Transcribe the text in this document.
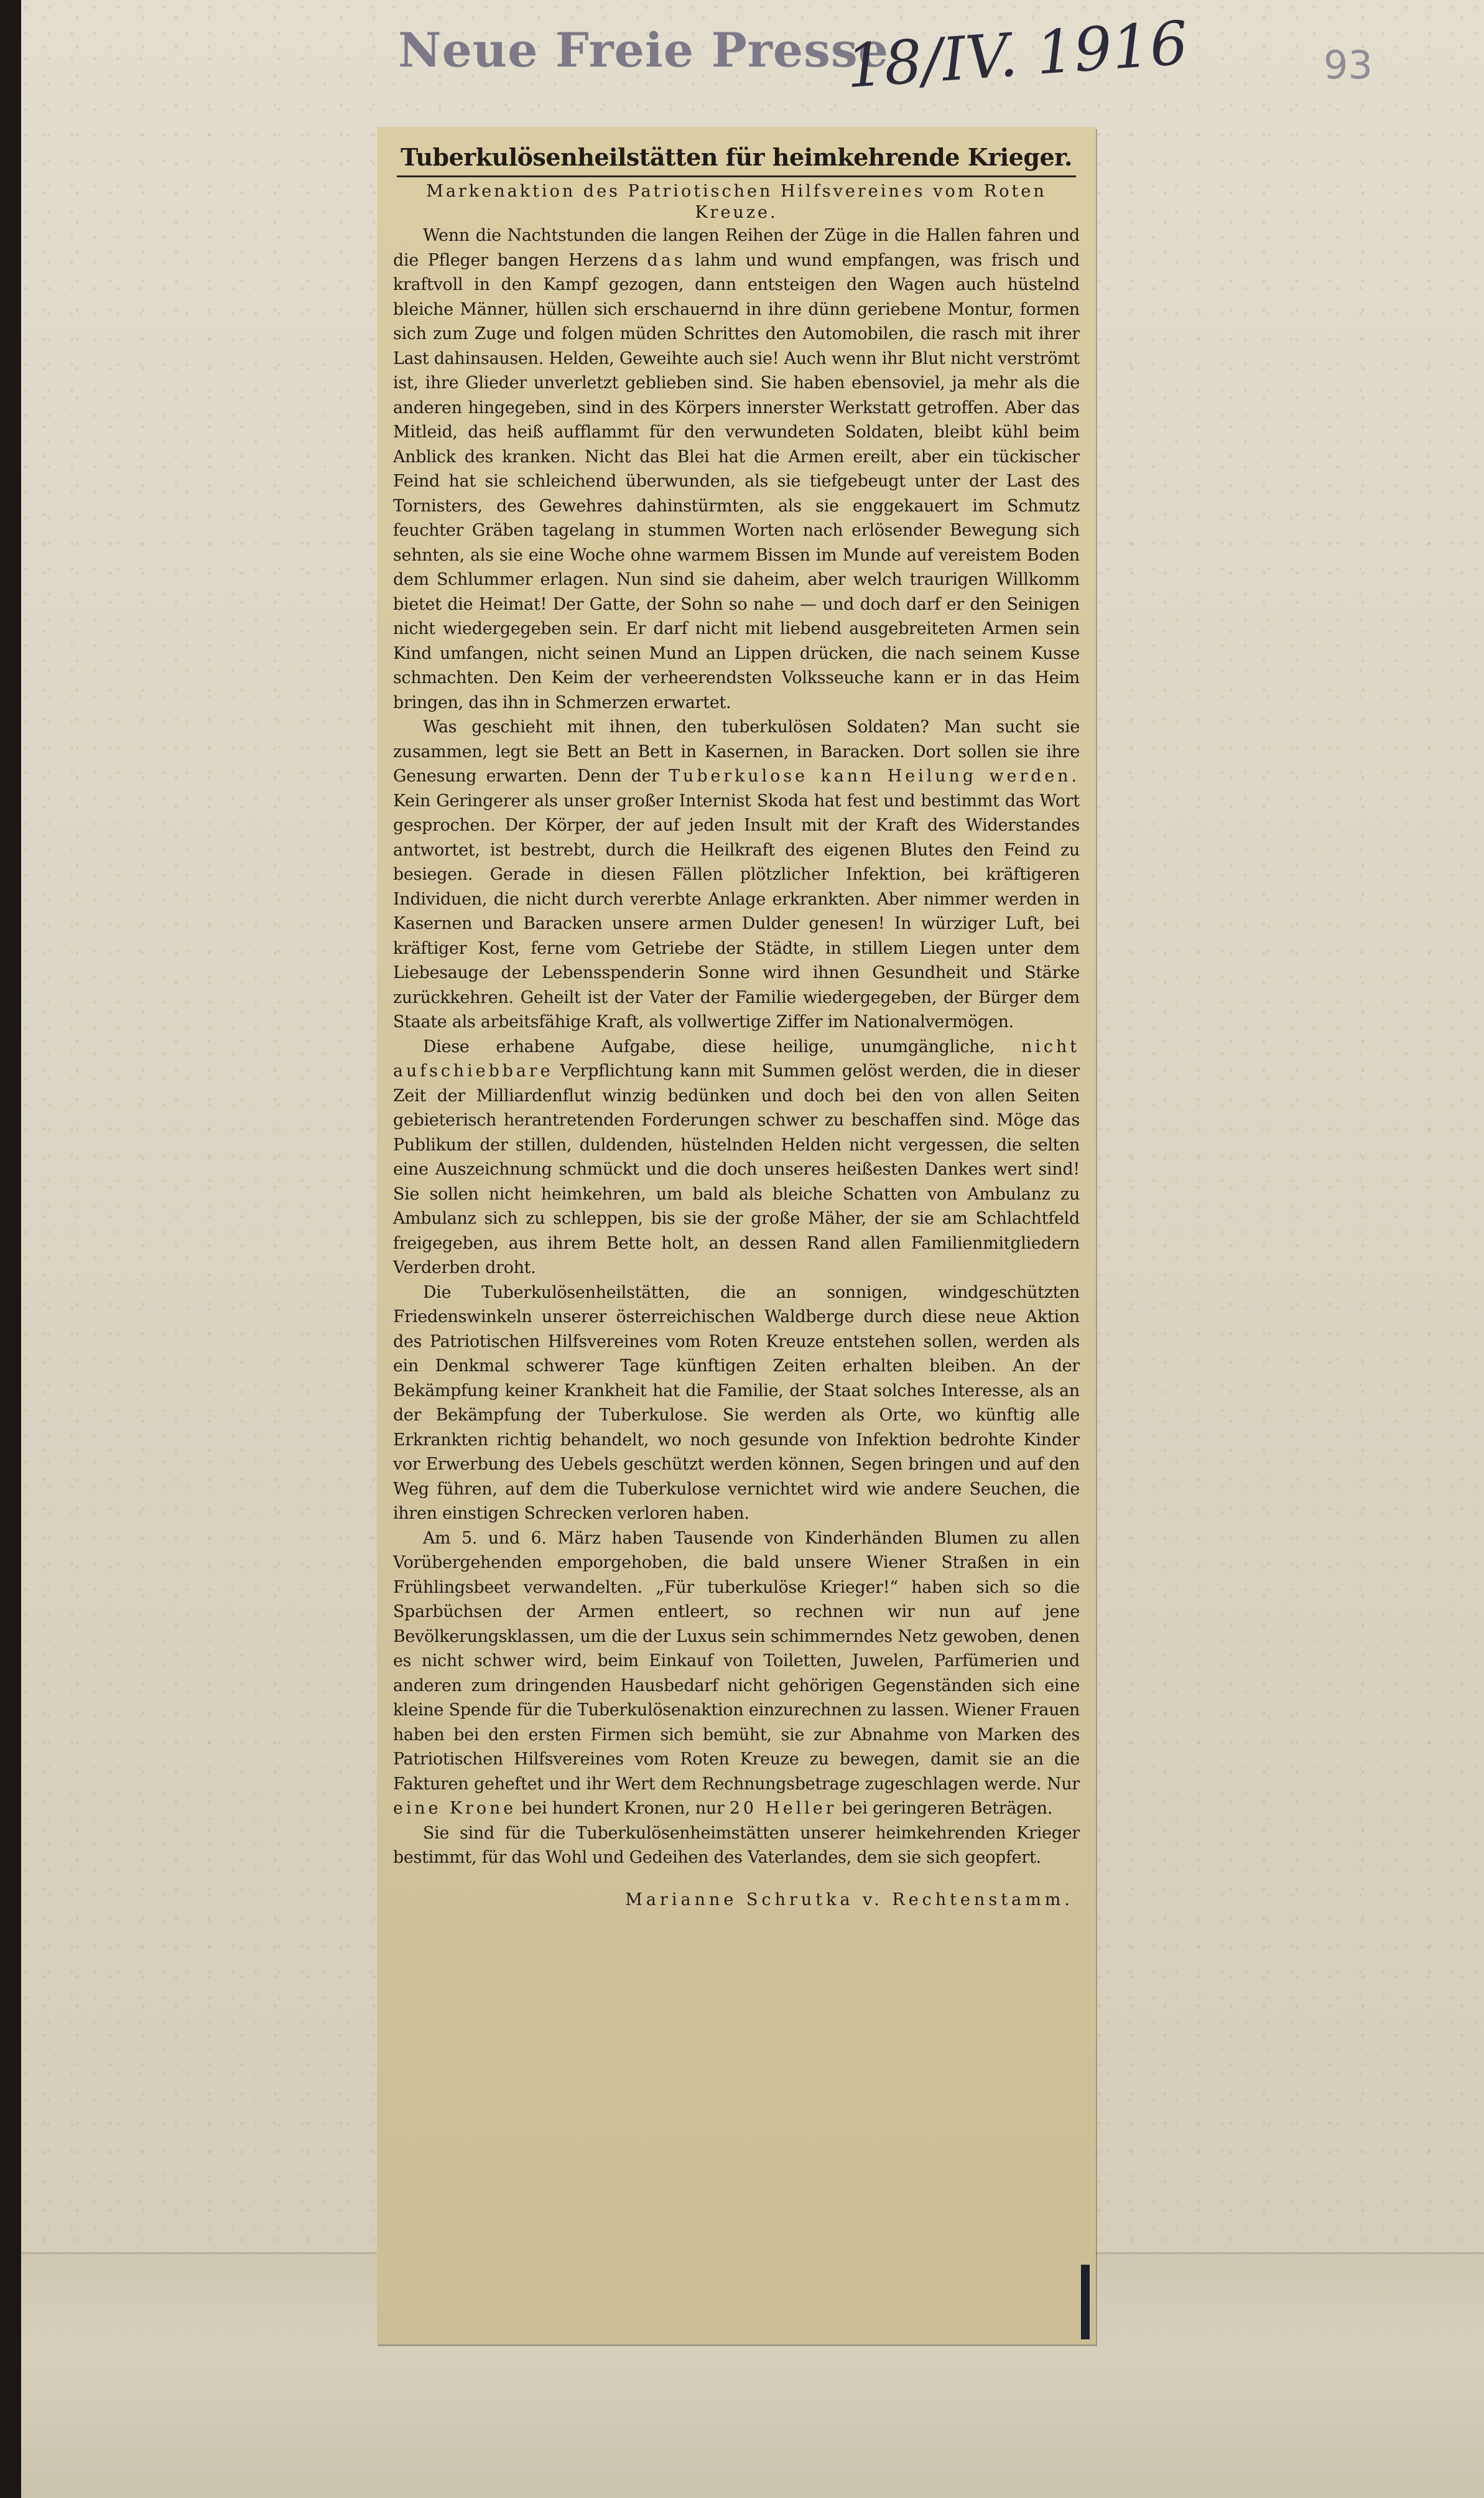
Neue Freie Presse
18/IV. 1916	93
Tuberkulösenheilstätten für heimkehrende Krieger.

Markenaktion des Patriotischen Hilfsvereines vom Roten Kreuze.

Wenn die Nachtstunden die langen Reihen der Züge in die Hallen fahren und die Pfleger bangen Herzens das lahm und wund empfangen, was frisch und kraftvoll in den Kampf gezogen, dann entsteigen den Wagen auch hüstelnd bleiche Männer, hüllen sich erschauernd in ihre dünn geriebene Montur, formen sich zum Zuge und folgen müden Schrittes den Automobilen, die rasch mit ihrer Last dahinsausen. Helden, Geweihte auch sie! Auch wenn ihr Blut nicht verströmt ist, ihre Glieder unverletzt geblieben sind. Sie haben ebensoviel, ja mehr als die anderen hingegeben, sind in des Körpers innerster Werkstatt getroffen. Aber das Mitleid, das heiß aufflammt für den verwundeten Soldaten, bleibt kühl beim Anblick des kranken. Nicht das Blei hat die Armen ereilt, aber ein tückischer Feind hat sie schleichend überwunden, als sie tiefgebeugt unter der Last des Tornisters, des Gewehres dahinstürmten, als sie enggekauert im Schmutz feuchter Gräben tagelang in stummen Worten nach erlösender Bewegung sich sehnten, als sie eine Woche ohne warmem Bissen im Munde auf vereistem Boden dem Schlummer erlagen. Nun sind sie daheim, aber welch traurigen Willkomm bietet die Heimat! Der Gatte, der Sohn so nahe — und doch darf er den Seinigen nicht wiedergegeben sein. Er darf nicht mit liebend ausgebreiteten Armen sein Kind umfangen, nicht seinen Mund an Lippen drücken, die nach seinem Kusse schmachten. Den Keim der verheerendsten Volksseuche kann er in das Heim bringen, das ihn in Schmerzen erwartet.

Was geschieht mit ihnen, den tuberkulösen Soldaten? Man sucht sie zusammen, legt sie Bett an Bett in Kasernen, in Baracken. Dort sollen sie ihre Genesung erwarten. Denn der Tuberkulose kann Heilung werden. Kein Geringerer als unser großer Internist Skoda hat fest und bestimmt das Wort gesprochen. Der Körper, der auf jeden Insult mit der Kraft des Widerstandes antwortet, ist bestrebt, durch die Heilkraft des eigenen Blutes den Feind zu besiegen. Gerade in diesen Fällen plötzlicher Infektion, bei kräftigeren Individuen, die nicht durch vererbte Anlage erkrankten. Aber nimmer werden in Kasernen und Baracken unsere armen Dulder genesen! In würziger Luft, bei kräftiger Kost, ferne vom Getriebe der Städte, in stillem Liegen unter dem Liebesauge der Lebensspenderin Sonne wird ihnen Gesundheit und Stärke zurückkehren. Geheilt ist der Vater der Familie wiedergegeben, der Bürger dem Staate als arbeitsfähige Kraft, als vollwertige Ziffer im Nationalvermögen.

Diese erhabene Aufgabe, diese heilige, unumgängliche, nicht aufschiebbare Verpflichtung kann mit Summen gelöst werden, die in dieser Zeit der Milliardenflut winzig bedünken und doch bei den von allen Seiten gebieterisch herantretenden Forderungen schwer zu beschaffen sind. Möge das Publikum der stillen, duldenden, hüstelnden Helden nicht vergessen, die selten eine Auszeichnung schmückt und die doch unseres heißesten Dankes wert sind! Sie sollen nicht heimkehren, um bald als bleiche Schatten von Ambulanz zu Ambulanz sich zu schleppen, bis sie der große Mäher, der sie am Schlachtfeld freigegeben, aus ihrem Bette holt, an dessen Rand allen Familienmitgliedern Verderben droht.

Die Tuberkulösenheilstätten, die an sonnigen, windgeschützten Friedenswinkeln unserer österreichischen Waldberge durch diese neue Aktion des Patriotischen Hilfsvereines vom Roten Kreuze entstehen sollen, werden als ein Denkmal schwerer Tage künftigen Zeiten erhalten bleiben. An der Bekämpfung keiner Krankheit hat die Familie, der Staat solches Interesse, als an der Bekämpfung der Tuberkulose. Sie werden als Orte, wo künftig alle Erkrankten richtig behandelt, wo noch gesunde von Infektion bedrohte Kinder vor Erwerbung des Uebels geschützt werden können, Segen bringen und auf den Weg führen, auf dem die Tuberkulose vernichtet wird wie andere Seuchen, die ihren einstigen Schrecken verloren haben.

Am 5. und 6. März haben Tausende von Kinderhänden Blumen zu allen Vorübergehenden emporgehoben, die bald unsere Wiener Straßen in ein Frühlingsbeet verwandelten. „Für tuberkulöse Krieger!“ haben sich so die Sparbüchsen der Armen entleert, so rechnen wir nun auf jene Bevölkerungsklassen, um die der Luxus sein schimmerndes Netz gewoben, denen es nicht schwer wird, beim Einkauf von Toiletten, Juwelen, Parfümerien und anderen zum dringenden Hausbedarf nicht gehörigen Gegenständen sich eine kleine Spende für die Tuberkulösenaktion einzurechnen zu lassen. Wiener Frauen haben bei den ersten Firmen sich bemüht, sie zur Abnahme von Marken des Patriotischen Hilfsvereines vom Roten Kreuze zu bewegen, damit sie an die Fakturen geheftet und ihr Wert dem Rechnungsbetrage zugeschlagen werde. Nur eine Krone bei hundert Kronen, nur 20 Heller bei geringeren Beträgen.

Sie sind für die Tuberkulösenheimstätten unserer heimkehrenden Krieger bestimmt, für das Wohl und Gedeihen des Vaterlandes, dem sie sich geopfert.

Marianne Schrutka v. Rechtenstamm.
